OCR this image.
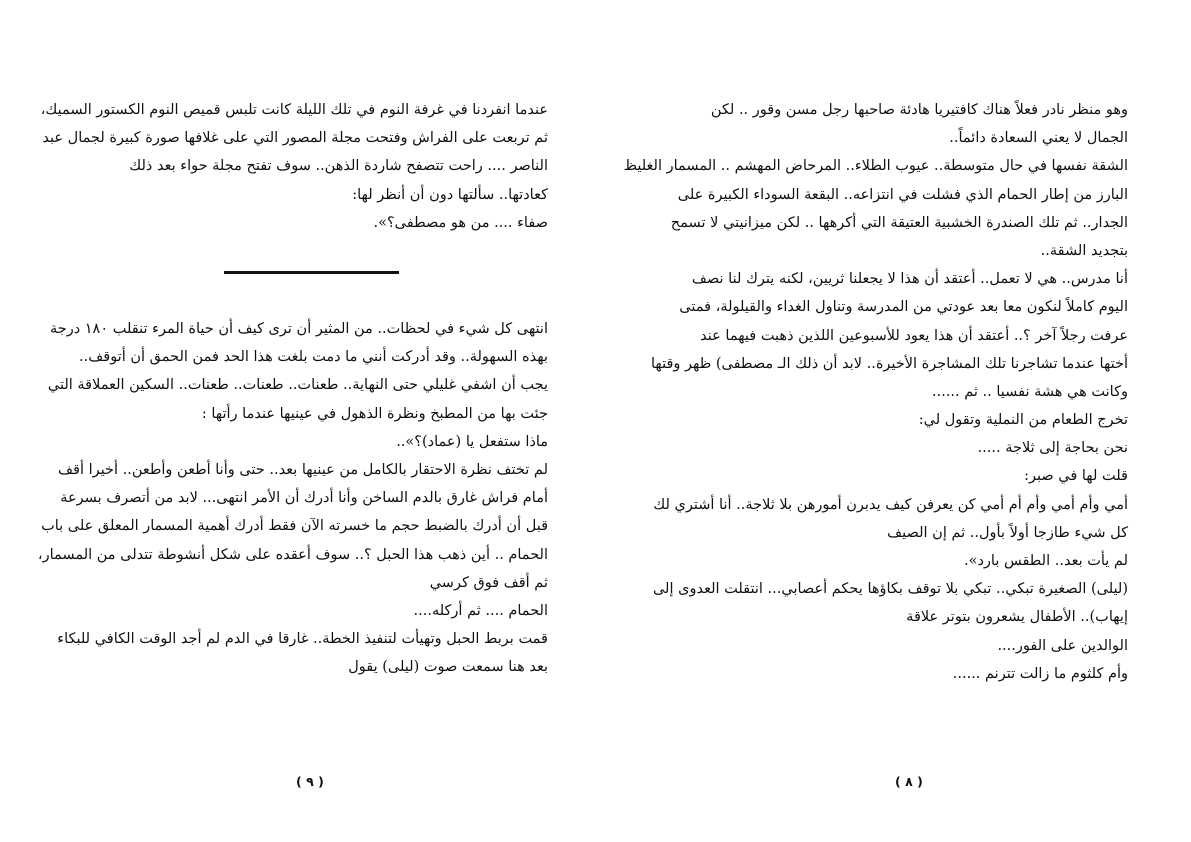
عندما انفردنا في غرفة النوم في تلك الليلة كانت تلبس قميص النوم الكستور السميك،
ثم تربعت على الفراش وفتحت مجلة المصور التي على غلافها صورة كبيرة لجمال عبد
الناصر .... راحت تتصفح شاردة الذهن.. سوف تفتح مجلة حواء بعد ذلك
كعادتها.. سألتها دون أن أنظر لها:
صفاء .... من هو مصطفى؟».
انتهى كل شيء في لحظات.. من المثير أن ترى كيف أن حياة المرء تنقلب ١٨٠ درجة
بهذه السهولة.. وقد أدركت أنني ما دمت بلغت هذا الحد فمن الحمق أن أتوقف..
يجب أن اشفي غليلي حتى النهاية.. طعنات.. طعنات.. طعنات.. السكين العملاقة التي
جئت بها من المطبخ ونظرة الذهول في عينيها عندما رأتها :
ماذا ستفعل يا (عماد)؟»..
لم تختف نظرة الاحتقار بالكامل من عينيها بعد.. حتى وأنا أطعن وأطعن.. أخيرا أقف
أمام فراش غارق بالدم الساخن وأنا أدرك أن الأمر انتهى... لابد من أتصرف بسرعة
قبل أن أدرك بالضبط حجم ما خسرته الآن فقط أدرك أهمية المسمار المعلق على باب
الحمام .. أين ذهب هذا الحبل ؟.. سوف أعقده على شكل أنشوطة تتدلى من المسمار،
ثم أقف فوق كرسي
الحمام .... ثم أركله....
قمت بربط الحبل وتهيأت لتنفيذ الخطة.. غارقا في الدم لم أجد الوقت الكافي للبكاء
بعد هنا سمعت صوت (ليلى) يقول
( ٩ )
وهو منظر نادر فعلاً هناك كافتيريا هادئة صاحبها رجل مسن وقور .. لكن
الجمال لا يعني السعادة دائماً..
الشقة نفسها في حال متوسطة.. عيوب الطلاء.. المرحاض المهشم .. المسمار الغليظ
البارز من إطار الحمام الذي فشلت في انتزاعه.. البقعة السوداء الكبيرة على
الجدار.. ثم تلك الصندرة الخشبية العتيقة التي أكرهها .. لكن ميزانيتي لا تسمح
بتجديد الشقة..
أنا مدرس.. هي لا تعمل.. أعتقد أن هذا لا يجعلنا ثريين، لكنه يترك لنا نصف
اليوم كاملاً لنكون معا بعد عودتي من المدرسة وتناول الغداء والقيلولة، فمتى
عرفت رجلاً آخر ؟.. أعتقد أن هذا يعود للأسبوعين اللذين ذهبت فيهما عند
أختها عندما تشاجرنا تلك المشاجرة الأخيرة.. لابد أن ذلك الـ مصطفى) ظهر وقتها
وكانت هي هشة نفسيا .. ثم ......
تخرج الطعام من النملية وتقول لي:
نحن بحاجة إلى ثلاجة .....
قلت لها في صبر:
أمي وأم أمي وأم أم أمي كن يعرفن كيف يدبرن أمورهن بلا ثلاجة.. أنا أشتري لك
كل شيء طازجا أولاً بأول.. ثم إن الصيف
لم يأت بعد.. الطقس بارد».
(ليلى) الصغيرة تبكي.. تبكي بلا توقف بكاؤها يحكم أعصابي... انتقلت العدوى إلى
إيهاب).. الأطفال يشعرون بتوتر علاقة
الوالدين على الفور....
وأم كلثوم ما زالت تترنم ......
( ٨ )
